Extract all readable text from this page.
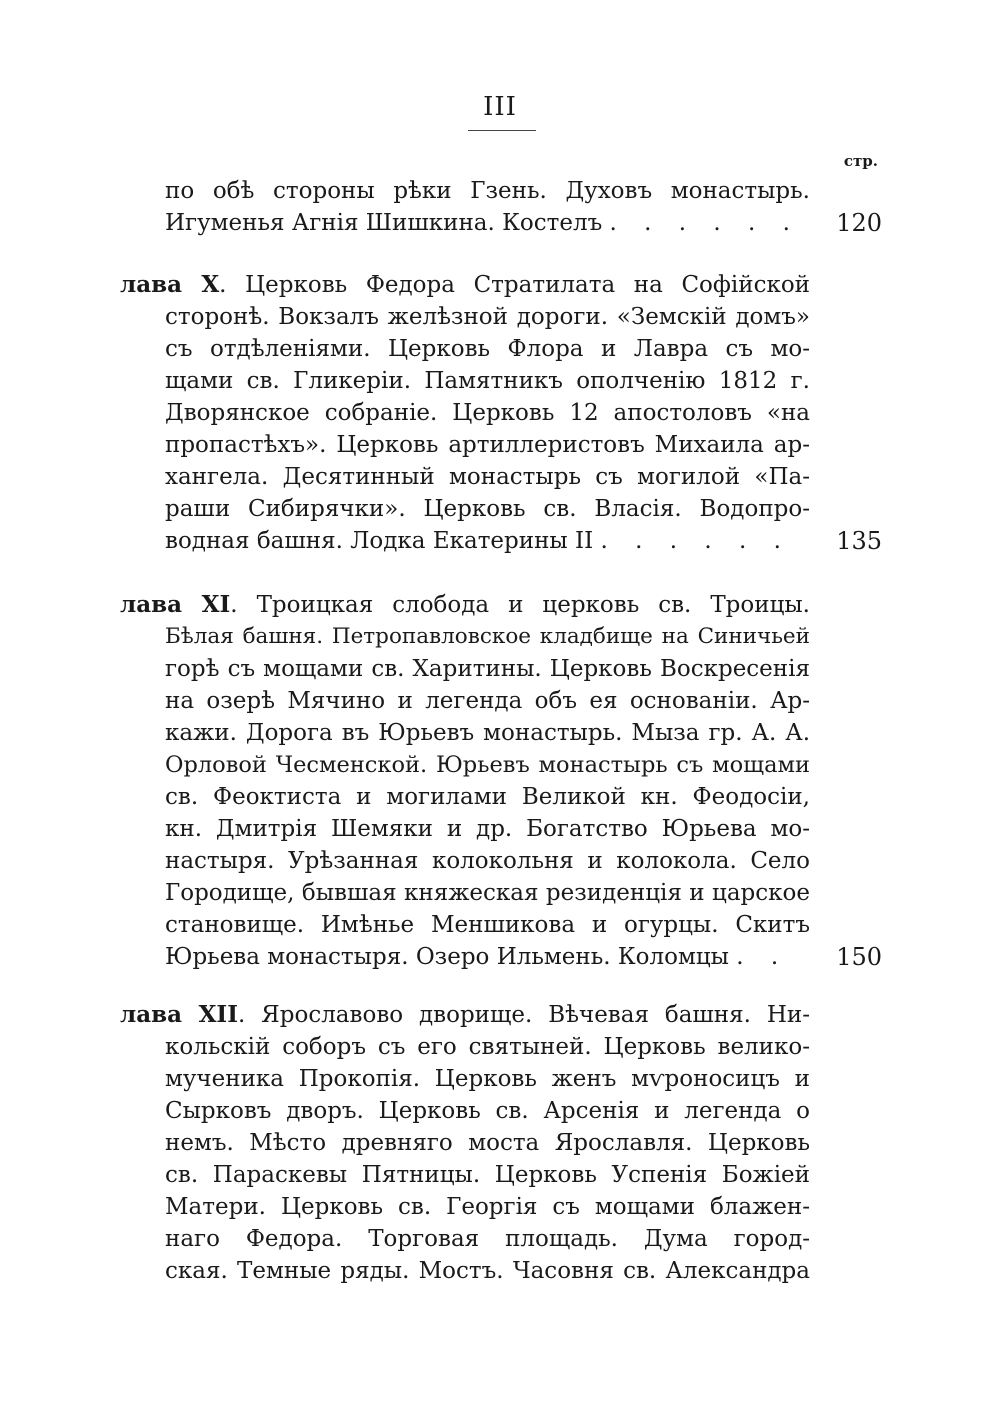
III
стр.
по обѣ стороны рѣки Гзень. Духовъ монастырь.
Игуменья Агнія Шишкина. Костелъ . . . . . .	120
лава X. Церковь Федора Стратилата на Софійской
сторонѣ. Вокзалъ желѣзной дороги. «Земскій домъ»
съ отдѣленіями. Церковь Флора и Лавра съ мо-
щами св. Гликеріи. Памятникъ ополченію 1812 г.
Дворянское собраніе. Церковь 12 апостоловъ «на
пропастѣхъ». Церковь артиллеристовъ Михаила ар-
хангела. Десятинный монастырь съ могилой «Па-
раши Сибирячки». Церковь св. Власія. Водопро-
водная башня. Лодка Екатерины II . . . . . .	135
лава XI. Троицкая слобода и церковь св. Троицы.
Бѣлая башня. Петропавловское кладбище на Синичьей
горѣ съ мощами св. Харитины. Церковь Воскресенія
на озерѣ Мячино и легенда объ ея основаніи. Ар-
кажи. Дорога въ Юрьевъ монастырь. Мыза гр. А. А.
Орловой Чесменской. Юрьевъ монастырь съ мощами
св. Феоктиста и могилами Великой кн. Феодосіи,
кн. Дмитрія Шемяки и др. Богатство Юрьева мо-
настыря. Урѣзанная колокольня и колокола. Село
Городище, бывшая княжеская резиденція и царское
становище. Имѣнье Меншикова и огурцы. Скитъ
Юрьева монастыря. Озеро Ильмень. Коломцы . .	150
лава XII. Ярославово дворище. Вѣчевая башня. Ни-
кольскій соборъ съ его святыней. Церковь велико-
мученика Прокопія. Церковь женъ мѵроносицъ и
Сырковъ дворъ. Церковь св. Арсенія и легенда о
немъ. Мѣсто древняго моста Ярославля. Церковь
св. Параскевы Пятницы. Церковь Успенія Божіей
Матери. Церковь св. Георгія съ мощами блажен-
наго Федора. Торговая площадь. Дума город-
ская. Темные ряды. Мостъ. Часовня св. Александра
